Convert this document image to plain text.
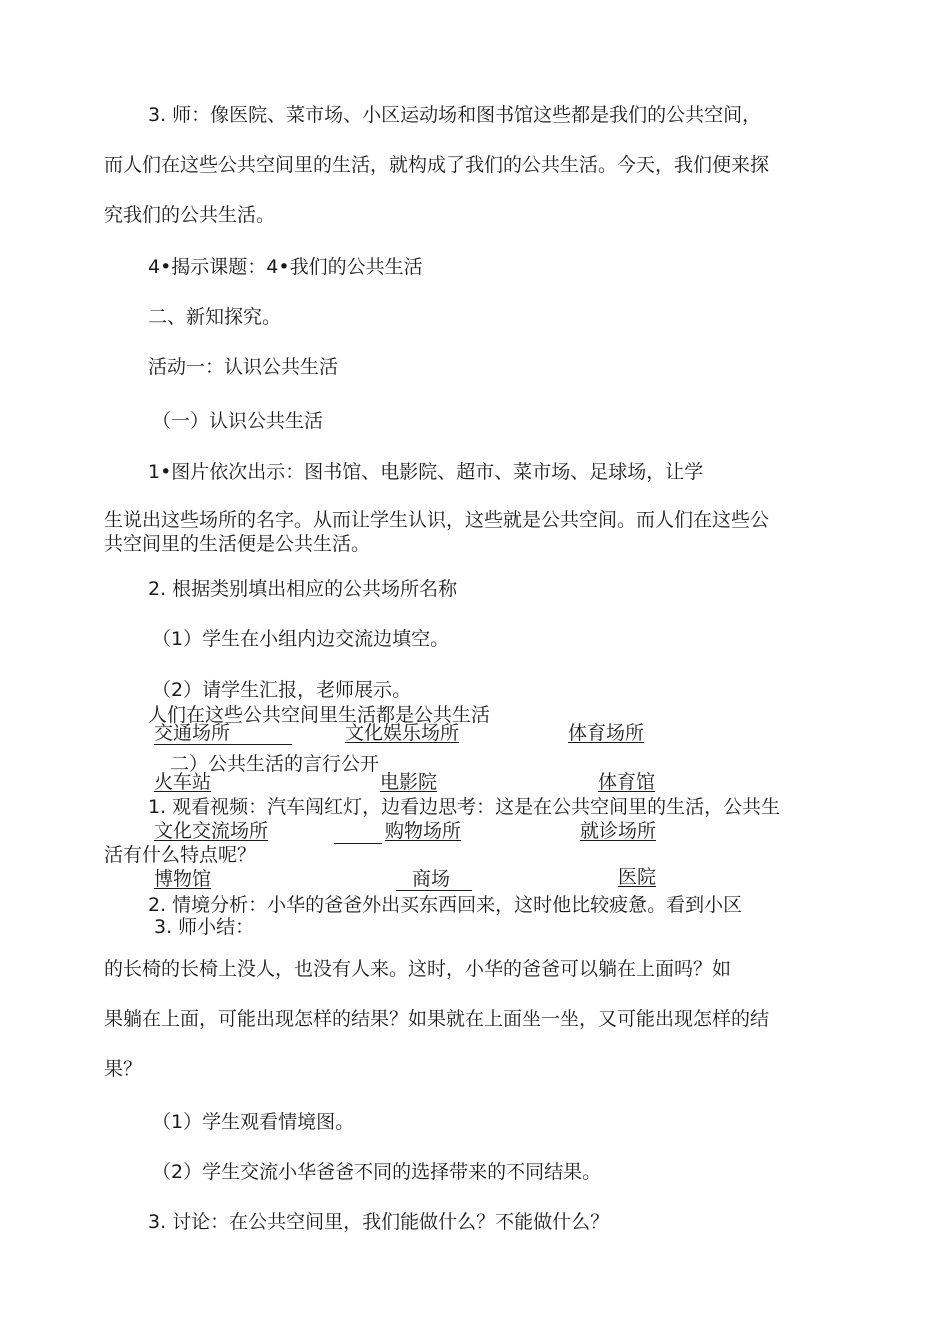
3. 师：像医院、菜市场、小区运动场和图书馆这些都是我们的公共空间，
而人们在这些公共空间里的生活，就构成了我们的公共生活。今天，我们便来探
究我们的公共生活。
4•揭示课题：4•我们的公共生活
二、新知探究。
活动一：认识公共生活
（一）认识公共生活
1•图片依次出示：图书馆、电影院、超市、菜市场、足球场，让学
生说出这些场所的名字。从而让学生认识，这些就是公共空间。而人们在这些公
共空间里的生活便是公共生活。
2. 根据类别填出相应的公共场所名称
（1）学生在小组内边交流边填空。
（2）请学生汇报，老师展示。
人们在这些公共空间里生活都是公共生活
交通场所	文化娱乐场所	体育场所
二）公共生活的言行公开
火车站	电影院	体育馆
1. 观看视频：汽车闯红灯，边看边思考：这是在公共空间里的生活，公共生
文化交流场所	购物场所	就诊场所
活有什么特点呢？
博物馆	商场	医院
2. 情境分析：小华的爸爸外出买东西回来，这时他比较疲惫。看到小区
3. 师小结：
的长椅的长椅上没人，也没有人来。这时，小华的爸爸可以躺在上面吗？如
果躺在上面，可能出现怎样的结果？如果就在上面坐一坐，又可能出现怎样的结
果？
（1）学生观看情境图。
（2）学生交流小华爸爸不同的选择带来的不同结果。
3. 讨论：在公共空间里，我们能做什么？不能做什么？
